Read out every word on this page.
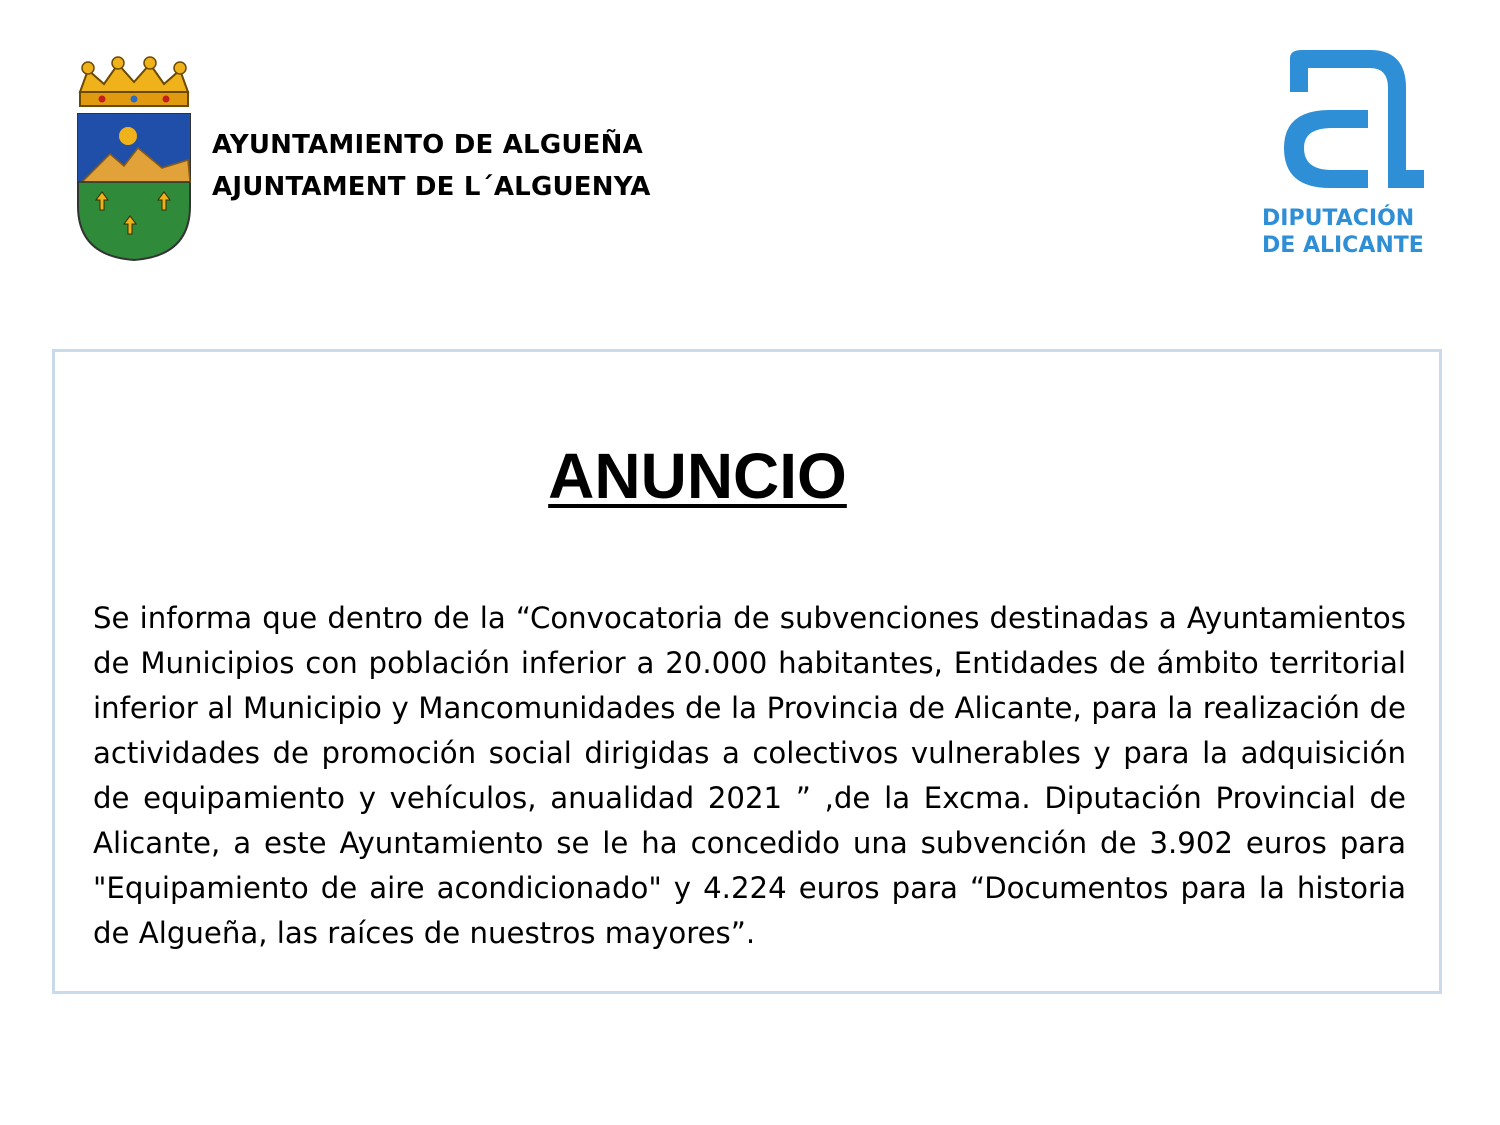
AYUNTAMIENTO DE ALGUEÑA
AJUNTAMENT DE L´ALGUENYA
DIPUTACIÓN
DE ALICANTE
ANUNCIO

Se informa que dentro de la “Convocatoria de subvenciones destinadas a Ayuntamientos de Municipios con población inferior a 20.000 habitantes, Entidades de ámbito territorial inferior al Municipio y Mancomunidades de la Provincia de Alicante, para la realización de actividades de promoción social dirigidas a colectivos vulnerables y para la adquisición de equipamiento y vehículos, anualidad 2021 ” ,de la Excma. Diputación Provincial de Alicante, a este Ayuntamiento se le ha concedido una subvención de 3.902 euros para "Equipamiento de aire acondicionado" y 4.224 euros para “Documentos para la historia de Algueña, las raíces de nuestros mayores”.
